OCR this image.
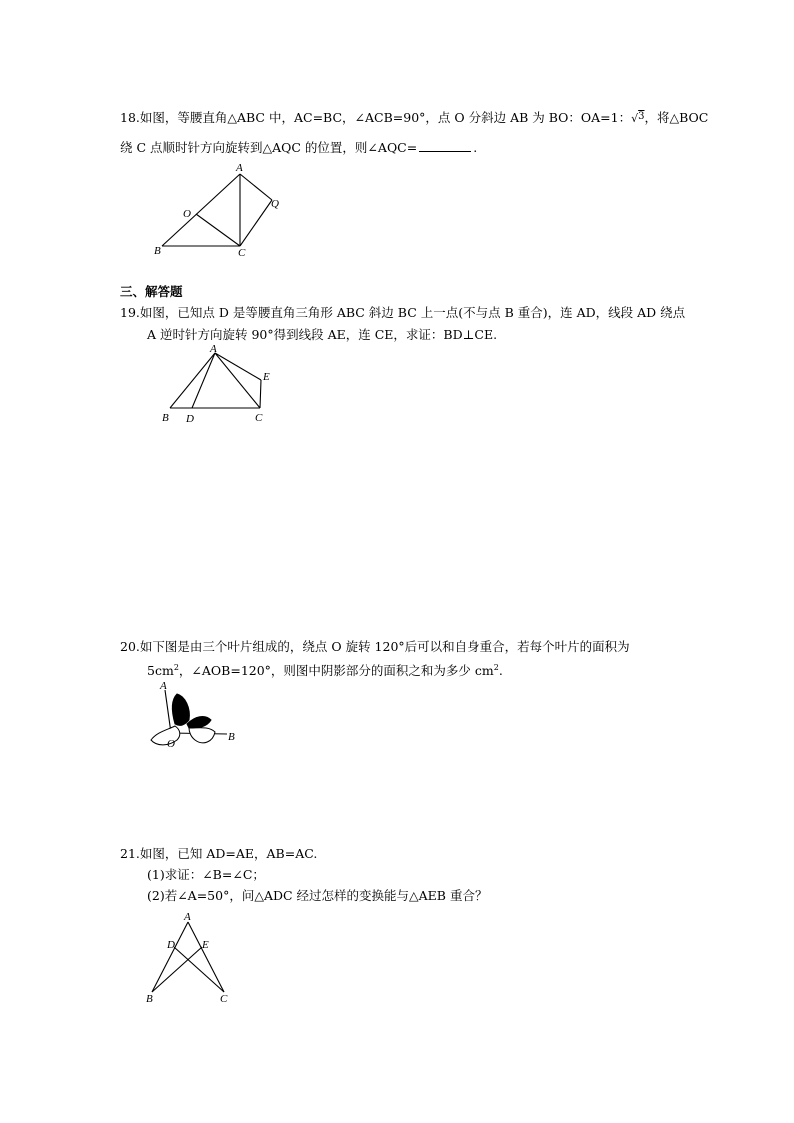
18.如图，等腰直角△ABC 中，AC=BC，∠ACB=90°，点 O 分斜边 AB 为 BO：OA=1：√3，将△BOC
绕 C 点顺时针方向旋转到△AQC 的位置，则∠AQC=	.
A
O
Q
B	C
三、解答题
19.如图，已知点 D 是等腰直角三角形 ABC 斜边 BC 上一点(不与点 B 重合)，连 AD，线段 AD 绕点
A 逆时针方向旋转 90°得到线段 AE，连 CE，求证：BD⊥CE.
A
E
B D	C
20.如下图是由三个叶片组成的，绕点 O 旋转 120°后可以和自身重合，若每个叶片的面积为
$5cm^2$，∠AOB=120°，则图中阴影部分的面积之和为多少 $cm^2$.
A
O
B
21.如图，已知 AD=AE，AB=AC.
(1)求证：∠B=∠C；
(2)若∠A=50°，问△ADC 经过怎样的变换能与△AEB 重合？
A
D E
B	C
